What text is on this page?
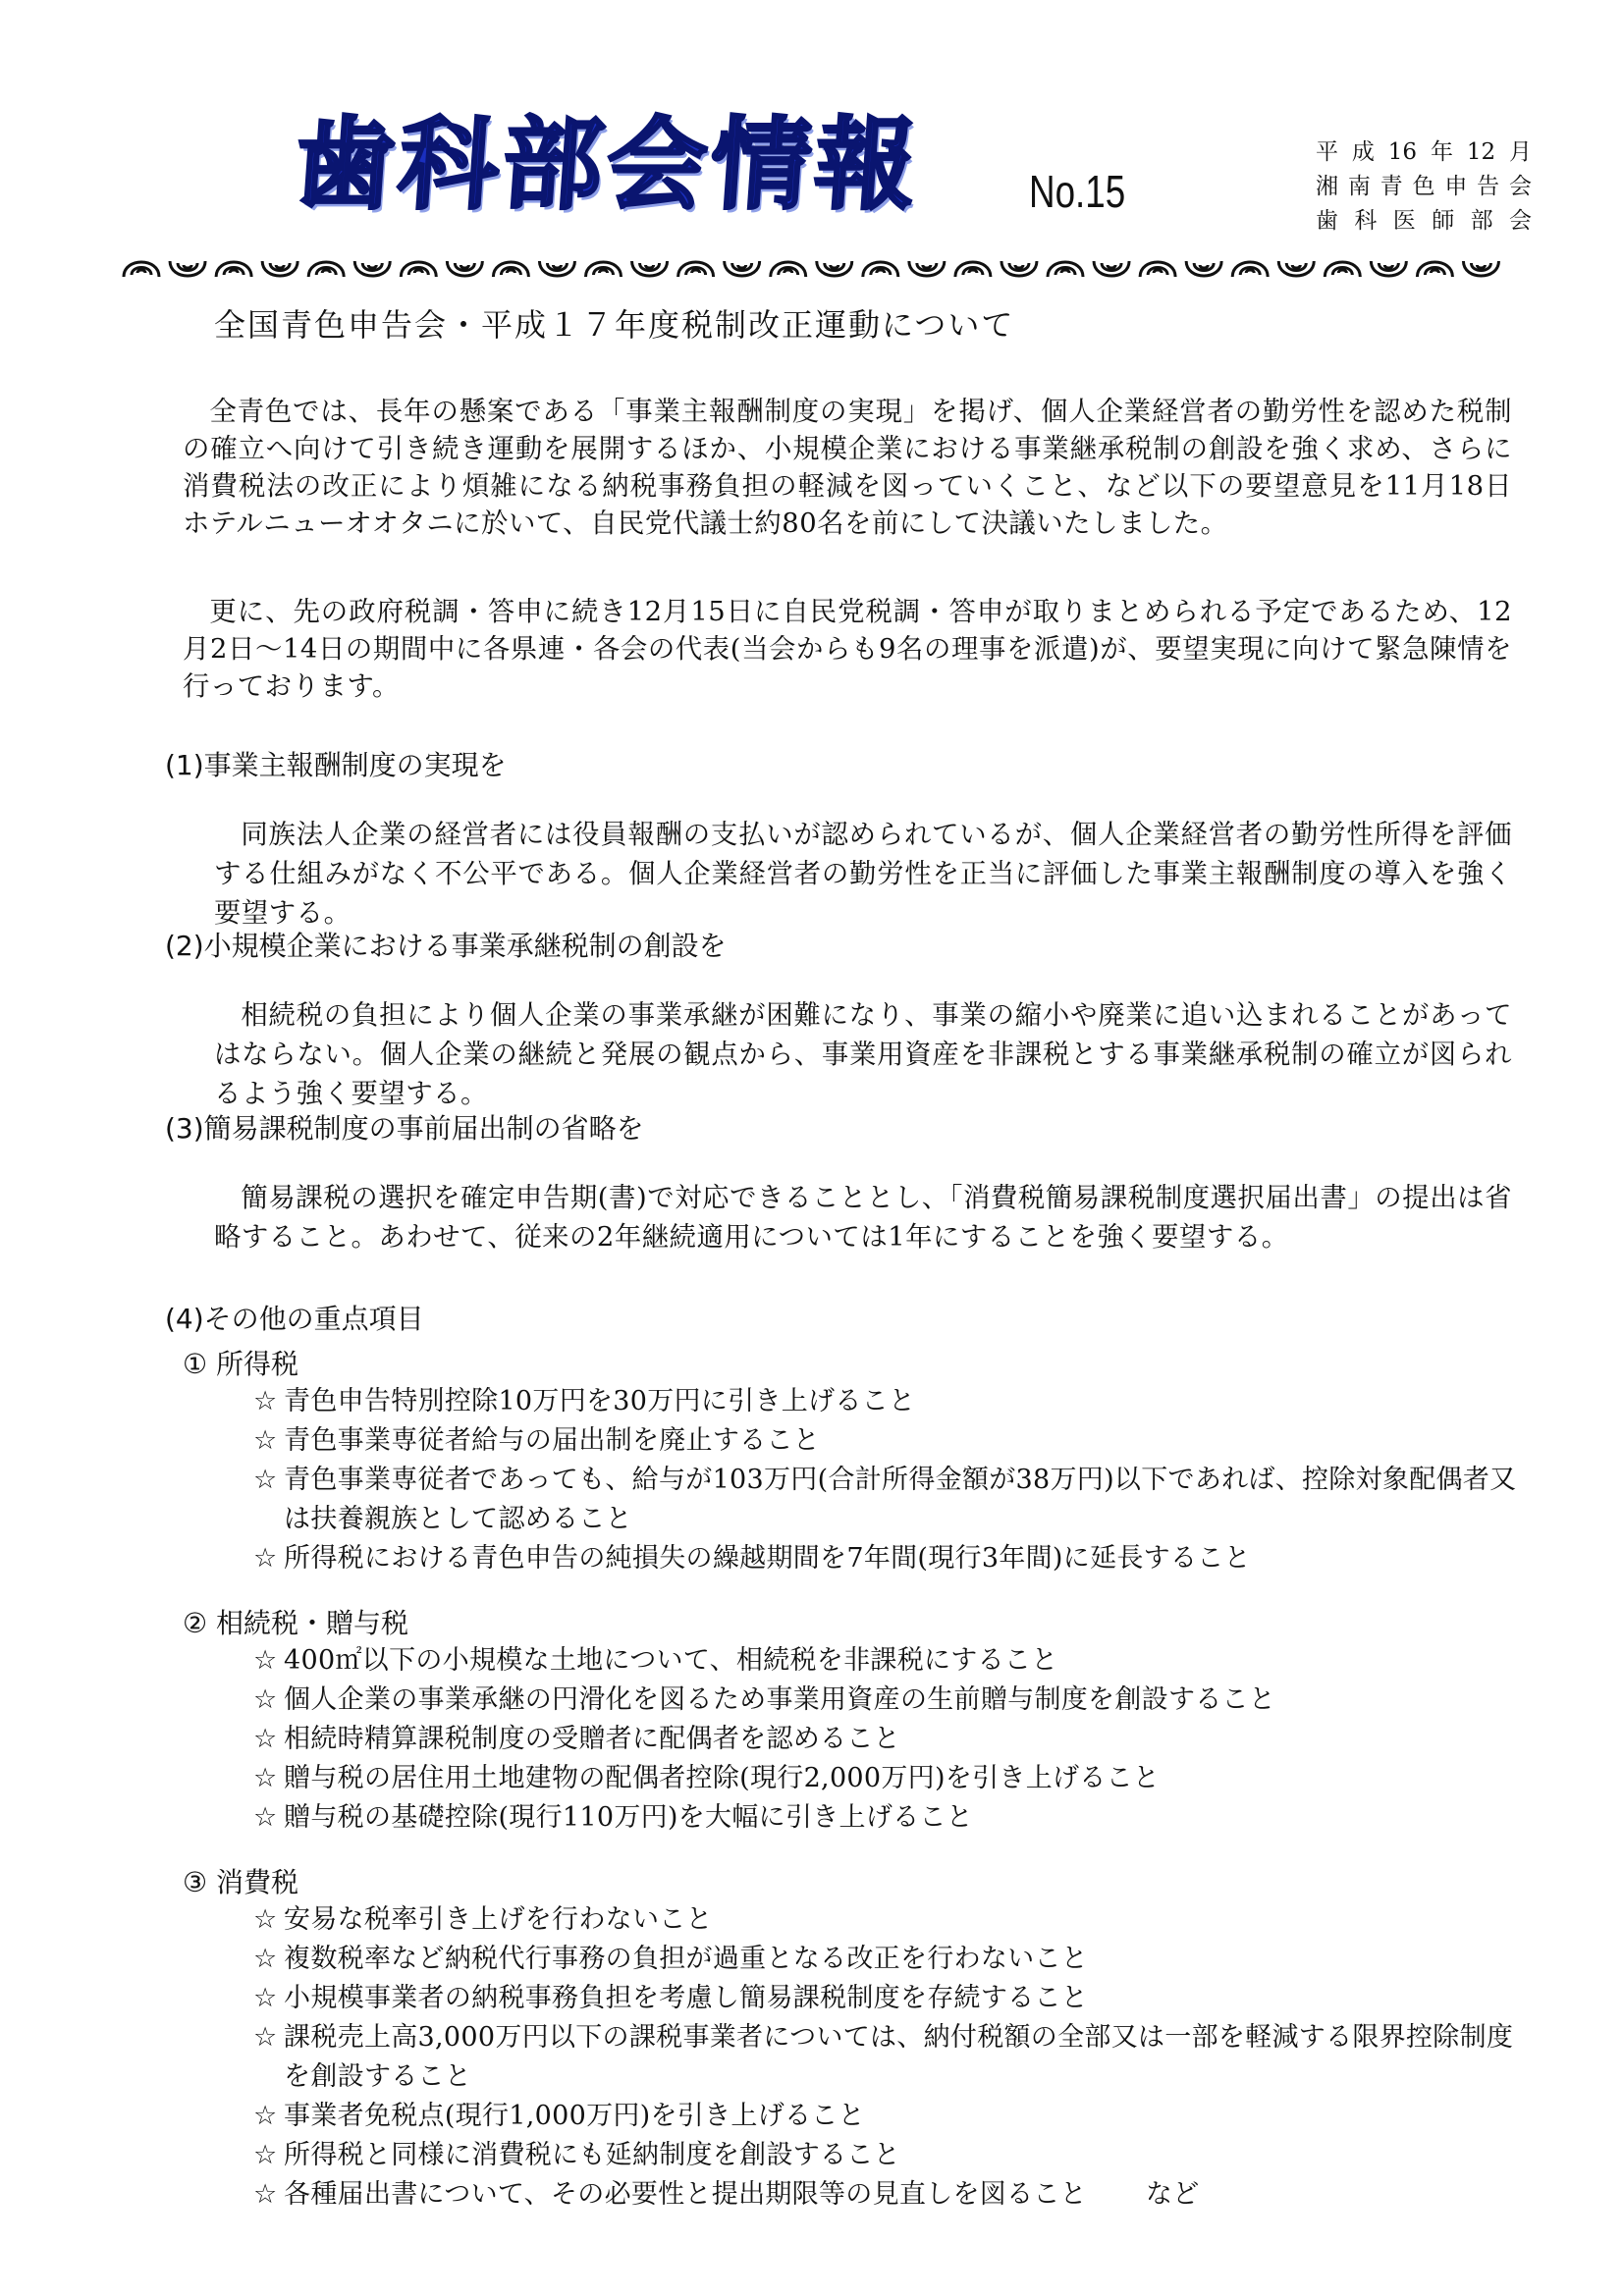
歯科部会情報 No.15
平成16年12月
湘南青色申告会
歯科医師部会
全国青色申告会・平成１７年度税制改正運動について

全青色では、長年の懸案である「事業主報酬制度の実現」を掲げ、個人企業経営者の勤労性を認めた税制の確立へ向けて引き続き運動を展開するほか、小規模企業における事業継承税制の創設を強く求め、さらに消費税法の改正により煩雑になる納税事務負担の軽減を図っていくこと、など以下の要望意見を11月18日ホテルニューオオタニに於いて、自民党代議士約80名を前にして決議いたしました。

更に、先の政府税調・答申に続き12月15日に自民党税調・答申が取りまとめられる予定であるため、12月2日～14日の期間中に各県連・各会の代表(当会からも9名の理事を派遣)が、要望実現に向けて緊急陳情を行っております。

(1)事業主報酬制度の実現を

同族法人企業の経営者には役員報酬の支払いが認められているが、個人企業経営者の勤労性所得を評価する仕組みがなく不公平である。個人企業経営者の勤労性を正当に評価した事業主報酬制度の導入を強く要望する。

(2)小規模企業における事業承継税制の創設を

相続税の負担により個人企業の事業承継が困難になり、事業の縮小や廃業に追い込まれることがあってはならない。個人企業の継続と発展の観点から、事業用資産を非課税とする事業継承税制の確立が図られるよう強く要望する。

(3)簡易課税制度の事前届出制の省略を

簡易課税の選択を確定申告期(書)で対応できることとし、「消費税簡易課税制度選択届出書」の提出は省略すること。あわせて、従来の2年継続適用については1年にすることを強く要望する。

(4)その他の重点項目
① 所得税
☆ 青色申告特別控除10万円を30万円に引き上げること
☆ 青色事業専従者給与の届出制を廃止すること
☆ 青色事業専従者であっても、給与が103万円(合計所得金額が38万円)以下であれば、控除対象配偶者又は扶養親族として認めること
☆ 所得税における青色申告の純損失の繰越期間を7年間(現行3年間)に延長すること
② 相続税・贈与税
☆ 400㎡以下の小規模な土地について、相続税を非課税にすること
☆ 個人企業の事業承継の円滑化を図るため事業用資産の生前贈与制度を創設すること
☆ 相続時精算課税制度の受贈者に配偶者を認めること
☆ 贈与税の居住用土地建物の配偶者控除(現行2,000万円)を引き上げること
☆ 贈与税の基礎控除(現行110万円)を大幅に引き上げること
③ 消費税
☆ 安易な税率引き上げを行わないこと
☆ 複数税率など納税代行事務の負担が過重となる改正を行わないこと
☆ 小規模事業者の納税事務負担を考慮し簡易課税制度を存続すること
☆ 課税売上高3,000万円以下の課税事業者については、納付税額の全部又は一部を軽減する限界控除制度を創設すること
☆ 事業者免税点(現行1,000万円)を引き上げること
☆ 所得税と同様に消費税にも延納制度を創設すること
☆ 各種届出書について、その必要性と提出期限等の見直しを図ること など
